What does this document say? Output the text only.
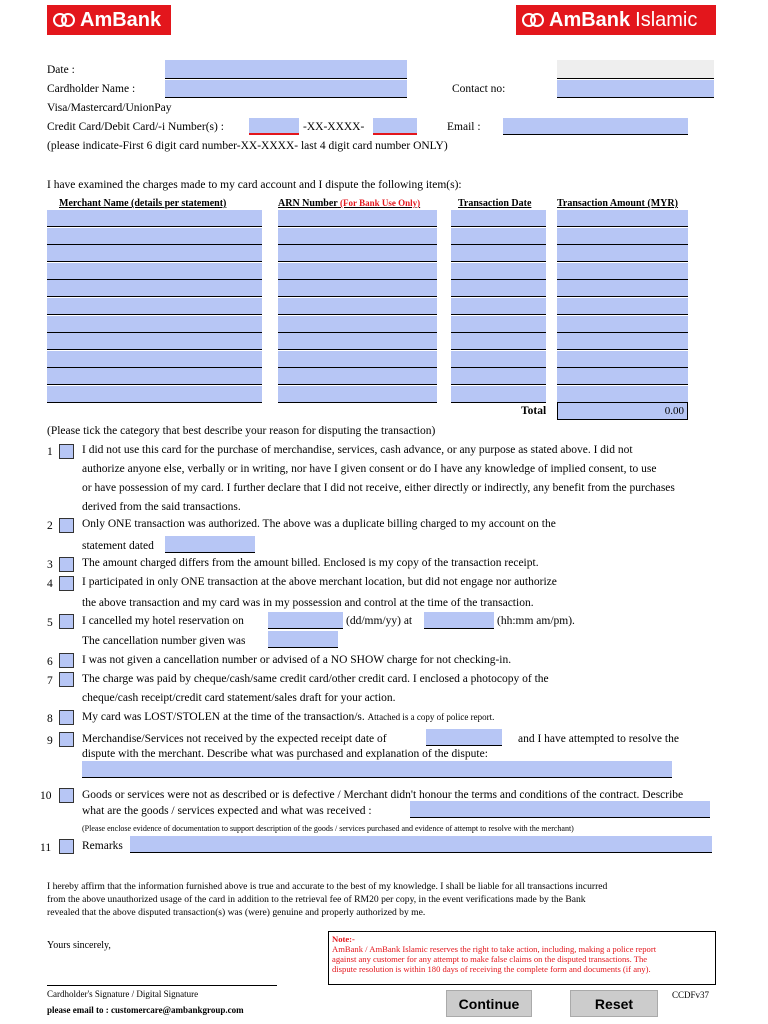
AmBank	AmBank Islamic
Date :
Cardholder Name :	Contact no:
Visa/Mastercard/UnionPay
Credit Card/Debit Card/-i Number(s) :	-XX-XXXX-	Email :
(please indicate-First 6 digit card number-XX-XXXX- last 4 digit card number ONLY)
I have examined the charges made to my card account and I dispute the following item(s):
Merchant Name (details per statement)	ARN Number (For Bank Use Only)	Transaction Date	Transaction Amount (MYR)
Total	0.00
(Please tick the category that best describe your reason for disputing the transaction)
1	I did not use this card for the purchase of merchandise, services, cash advance, or any purpose as stated above. I did not
authorize anyone else, verbally or in writing, nor have I given consent or do I have any knowledge of implied consent, to use
or have possession of my card. I further declare that I did not receive, either directly or indirectly, any benefit from the purchases
derived from the said transactions.
2	Only ONE transaction was authorized. The above was a duplicate billing charged to my account on the
statement dated
3	The amount charged differs from the amount billed. Enclosed is my copy of the transaction receipt.
4	I participated in only ONE transaction at the above merchant location, but did not engage nor authorize
the above transaction and my card was in my possession and control at the time of the transaction.
5	I cancelled my hotel reservation on	(dd/mm/yy) at	(hh:mm am/pm).
The cancellation number given was
6	I was not given a cancellation number or advised of a NO SHOW charge for not checking-in.
7	The charge was paid by cheque/cash/same credit card/other credit card. I enclosed a photocopy of the
cheque/cash receipt/credit card statement/sales draft for your action.
8	My card was LOST/STOLEN at the time of the transaction/s. Attached is a copy of police report.
9	Merchandise/Services not received by the expected receipt date of	and I have attempted to resolve the
dispute with the merchant. Describe what was purchased and explanation of the dispute:
10	Goods or services were not as described or is defective / Merchant didn't honour the terms and conditions of the contract. Describe
what are the goods / services expected and what was received :
(Please enclose evidence of documentation to support description of the goods / services purchased and evidence of attempt to resolve with the merchant)
11	Remarks
I hereby affirm that the information furnished above is true and accurate to the best of my knowledge. I shall be liable for all transactions incurred
from the above unauthorized usage of the card in addition to the retrieval fee of RM20 per copy, in the event verifications made by the Bank
revealed that the above disputed transaction(s) was (were) genuine and properly authorized by me.
Yours sincerely,
Note:-
AmBank / AmBank Islamic reserves the right to take action, including, making a police report
against any customer for any attempt to make false claims on the disputed transactions. The
dispute resolution is within 180 days of receiving the complete form and documents (if any).
Cardholder's Signature / Digital Signature
please email to : customercare@ambankgroup.com	Continue	Reset
CCDFv37
